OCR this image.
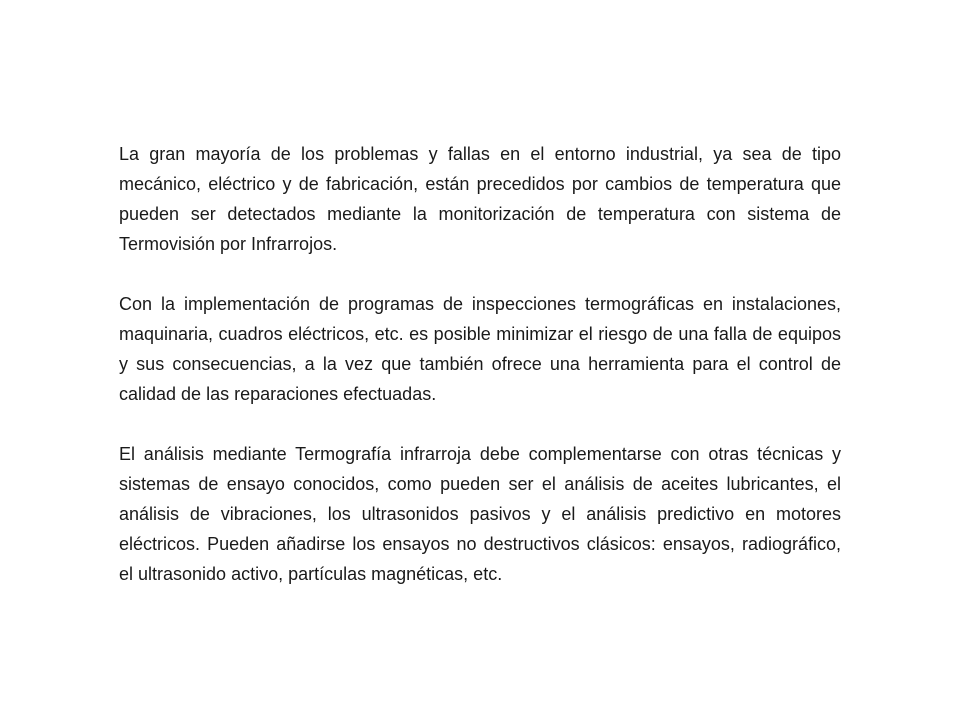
La gran mayoría de los problemas y fallas en el entorno industrial, ya sea de tipo mecánico, eléctrico y de fabricación, están precedidos por cambios de temperatura que pueden ser detectados mediante la monitorización de temperatura con sistema de Termovisión por Infrarrojos.

Con la implementación de programas de inspecciones termográficas en instalaciones, maquinaria, cuadros eléctricos, etc. es posible minimizar el riesgo de una falla de equipos y sus consecuencias, a la vez que también ofrece una herramienta para el control de calidad de las reparaciones efectuadas.

El análisis mediante Termografía infrarroja debe complementarse con otras técnicas y sistemas de ensayo conocidos, como pueden ser el análisis de aceites lubricantes, el análisis de vibraciones, los ultrasonidos pasivos y el análisis predictivo en motores eléctricos. Pueden añadirse los ensayos no destructivos clásicos: ensayos, radiográfico, el ultrasonido activo, partículas magnéticas, etc.
